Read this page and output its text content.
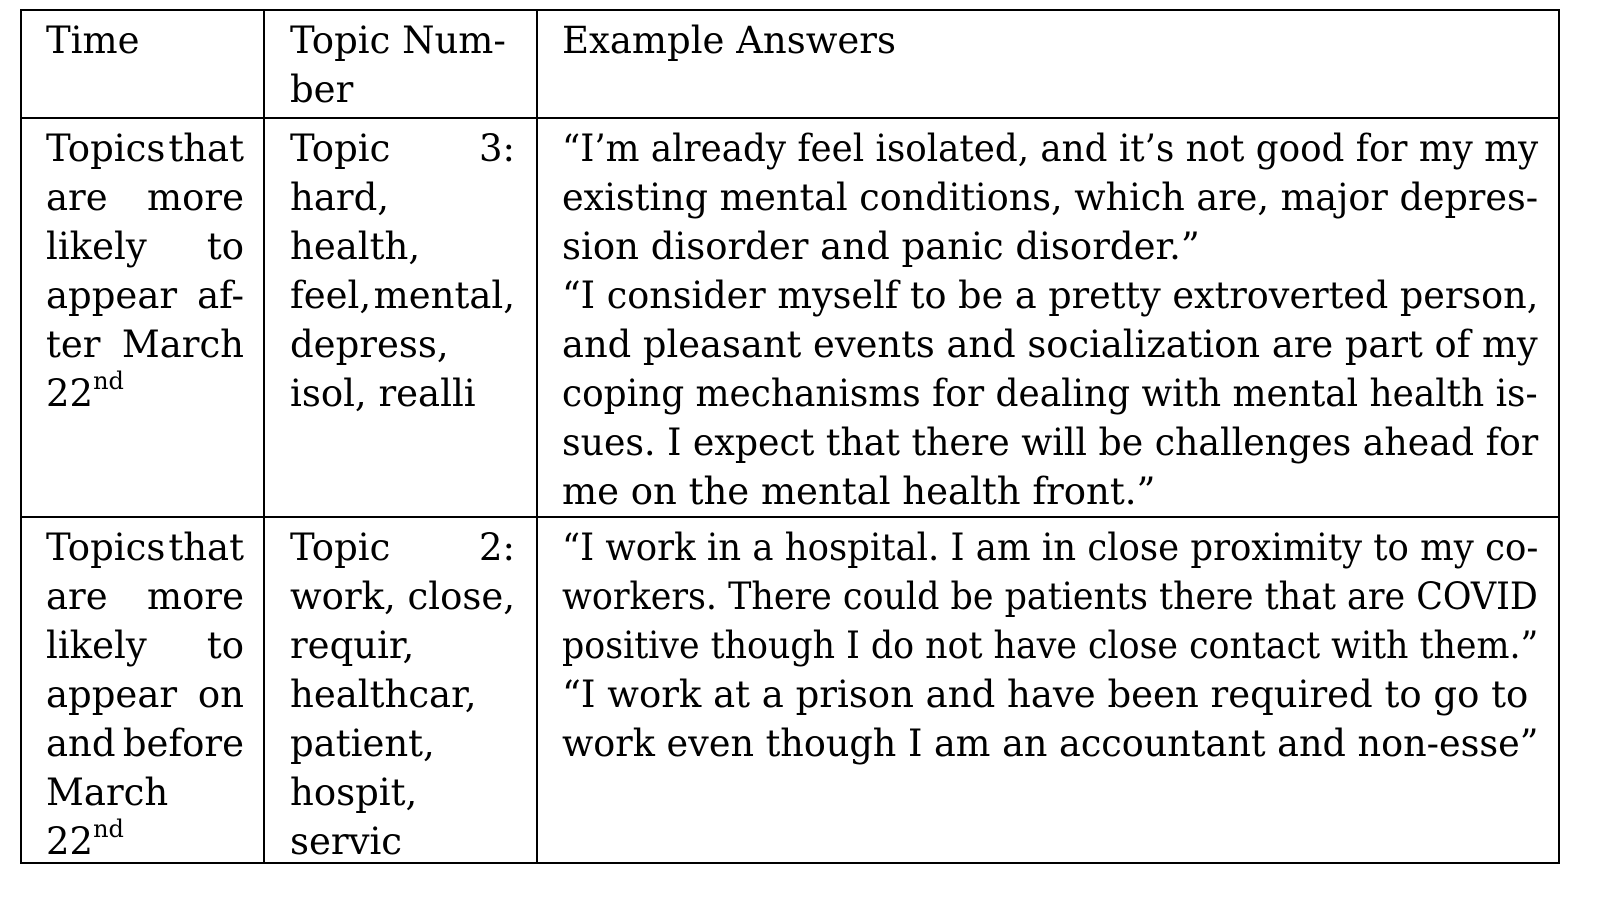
Time	Topic Num-
ber
Example Answers
Topics that
are more
likely to
appear af-
ter March
22nd
Topic 3:
hard,
health,
feel, mental,
depress,
isol, realli
“I’m already feel isolated, and it’s not good for my my
existing mental conditions, which are, major depres-
sion disorder and panic disorder.”
“I consider myself to be a pretty extroverted person,
and pleasant events and socialization are part of my
coping mechanisms for dealing with mental health is-
sues. I expect that there will be challenges ahead for
me on the mental health front.”
Topics that
are more
likely to
appear on
and before
March
22nd
Topic 2:
work, close,
requir,
healthcar,
patient,
hospit,
servic
“I work in a hospital. I am in close proximity to my co-
workers. There could be patients there that are COVID
positive though I do not have close contact with them.”
“I work at a prison and have been required to go to
work even though I am an accountant and non-esse”
